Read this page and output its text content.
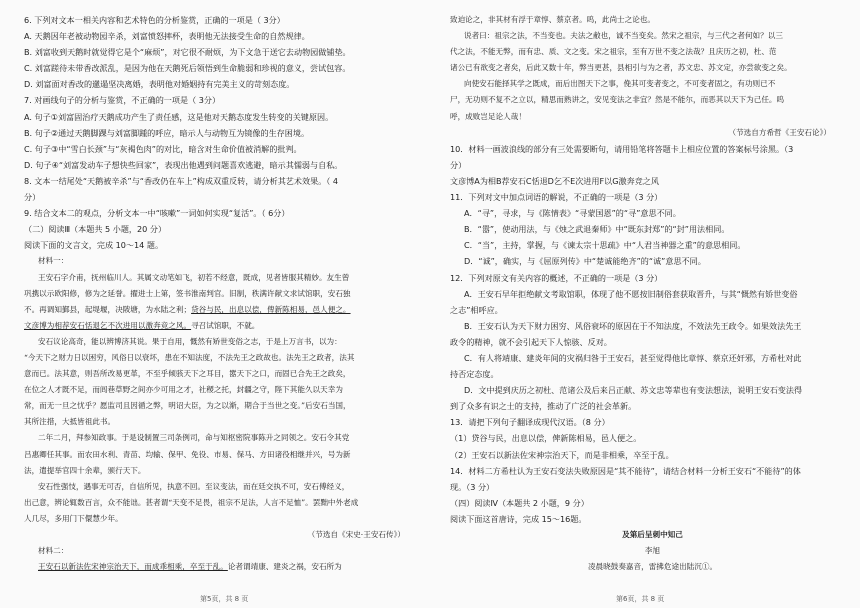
6. 下列对文本一相关内容和艺术特色的分析鉴赏，正确的一项是（ 3分）

A. 天鹅因年老被动物园辛杀，刘富愤怒摔杯，表明他无法接受生命的自然规律。

B. 刘富收到天鹅时就觉得它是个“麻烦”，对它很不耐烦，为下文急于送它去动物园做铺垫。

C. 刘富蹉待未带香改派乱，是因为他在天鹅死后领悟到生命脆弱和珍视的意义，尝试包容。

D. 刘富面对香改的邋遢坚决离婚，表明他对婚姻持有完美主义的苛刻态度。

7. 对画线句子的分析与鉴赏，不正确的一项是（ 3分）

A. 句子①刘富固治疗天鹅成功产生了责任感，这是他对天鹅态度发生转变的关键原因。

B. 句子②通过天鹅脚踝与刘富脚踵的呼应，暗示人与动物互为镜像的生存困境。

C. 句子③中“雪白长颈”与“灰褐色肉”的对比，暗含对生命价值被消解的批判。

D. 句子④“刘富发动车子想快些回家”，表现出他遇到问题喜欢逃避，暗示其懦弱与自私。

8. 文本一结尾处“天鹅被辛杀”与“香改仍在车上”构成双重反转，请分析其艺术效果。（ 4

分）

9. 结合文本二的观点，分析文本一中“咳嗽”一词如何实现“复活”。（ 6分）

（二）阅读Ⅲ（本题共 5 小题，20 分）

阅读下面的文言文，完成 10～14 题。

材料一：

王安石字介甫，抚州临川人。其属文动笔如飞，初若不经意，既成，见者皆服其精妙。友生曾

巩携以示欧阳修，修为之延誉。擢进士上第，签书淮南判官。旧制，秩满许献文求试馆职，安石独

不。再调知鄞县，起堤堰，决陂塘，为水陆之利；贷谷与民，出息以偿，俾新陈相易，邑人便之。

文彦博为相荐安石恬退乞不次进用以激奔竞之风。寻召试馆职，不就。

安石议论高奇，能以辨博济其说。果于自用，慨然有矫世变俗之志，于是上万言书，以为：

“今天下之财力日以困穷，风俗日以衰坏，患在不知法度，不法先王之政故也。法先王之政者，法其

意而已。法其意，则吾所改易更革，不至乎倾骇天下之耳目，嚣天下之口，而固已合先王之政矣，

在位之人才既不足，而闾巷草野之间亦少可用之才，社稷之托，封疆之守，陛下其能久以天幸为

常，而无一旦之忧乎？愿监司且因循之弊，明诏大臣，为之以渐，期合于当世之变。”后安石当国，

其所注措，大抵皆祖此书。

二年二月，拜参知政事。于是设制置三司条例司，命与知枢密院事陈升之同领之。安石令其党

吕惠卿任其事。而农田水利、青苗、均输、保甲、免役、市易、保马、方田诸役相继并兴，号为新

法，遣提举官四十余辈，颁行天下。

安石性强忮，遇事无可否，自信所见，执意不回。至议变法，而在廷交执不可，安石傅经义，

出己意，辨论辄数百言，众不能诎。甚者谓“天变不足畏，祖宗不足法，人言不足恤”。罢黜中外老成

人几尽，多用门下儇慧少年。

（节选自《宋史·王安石传》）

材料二：

王安石以新法佐宋神宗治天下，而成乖相乘，卒至于乱。论者谓靖康、建炎之祸，安石所为

致迫论之，非其材有浮于章惇、蔡京者。呜，此尚士之论也。

说者曰：祖宗之法，不当变也。夫法之敝也，诚不当变矣。然宋之祖宗，与三代之者何如？以三

代之法，不能无弊，而有忠、质、文之变。宋之祖宗，至有万世不变之法哉？且庆历之初，杜、范

诸公已有欲变之者矣，后此又数十年，弊当更甚，县相引与为之者，苏文忠、苏文定，亦尝欲变之矣。

向使安石能择其学之既成，而后出图天下之事，俛其可变者变之，不可变者固之，有功则已不

尸，无功则不复不之立以，精思而熟讲之，安见变法之非宜？然是不能尔，而恶其以天下为己任。呜

呼，成败岂足论人哉！

（节选自方希哲《王安石论》）

10．材料一画波浪线的部分有三处需要断句，请用铅笔将答题卡上相应位置的答案标号涂黑。（3

分）

文彦博A为相B荐安石C恬退D乞不E次进用F以G激奔竞之风

11．下列对文中加点词语的解说，不正确的一项是（3 分）

A．“寻”，寻求，与《陈情表》“寻蒙国恩”的“寻”意思不同。

B．“嚣”，使动用法，与《烛之武退秦师》中“既东封郑”的“封”用法相同。

C．“当”，主持，掌握，与《谏太宗十思疏》中“人君当神器之重”的意思相同。

D．“诚”，确实，与《屈原列传》中“楚诚能绝齐”的“诚”意思不同。

12．下列对原文有关内容的概述，不正确的一项是（3 分）

A．王安石早年拒绝献文考取馆职，体现了他不愿按旧制俗套获取晋升，与其“慨然有矫世变俗

之志”相呼应。

B．王安石认为天下财力困穷、风俗衰坏的原因在于不知法度，不效法先王政令。如果效法先王

政令的精神，就不会引起天下人惊骇、反对。

C．有人将靖康、建炎年间的灾祸归咎于王安石，甚至觉得他比章惇、蔡京还奸邪，方希杜对此

持否定态度。

D．文中提到庆历之初杜、范诸公及后来吕正献、苏文忠等辈也有变法想法，说明王安石变法得

到了众多有识之士的支持，推动了广泛的社会革新。

13．请把下列句子翻译成现代汉语。（8 分）

（1）贷谷与民，出息以偿，俾新陈相易，邑人便之。

（2）王安石以新法佐宋神宗治天下，而是非相乘，卒至于乱。

14．材料二方希杜认为王安石变法失败原因是“其不能待”，请结合材料一分析王安石“不能待”的体

现。（3 分）

（四）阅读Ⅳ（本题共 2 小题，9 分）

阅读下面这首唐诗，完成 15～16题。

及第后呈刺中知己

李旭

凌晨晓鼓奏嘉音，雷拂危途出陆沉①。

第5页，共 8 页	第6页，共 8 页
